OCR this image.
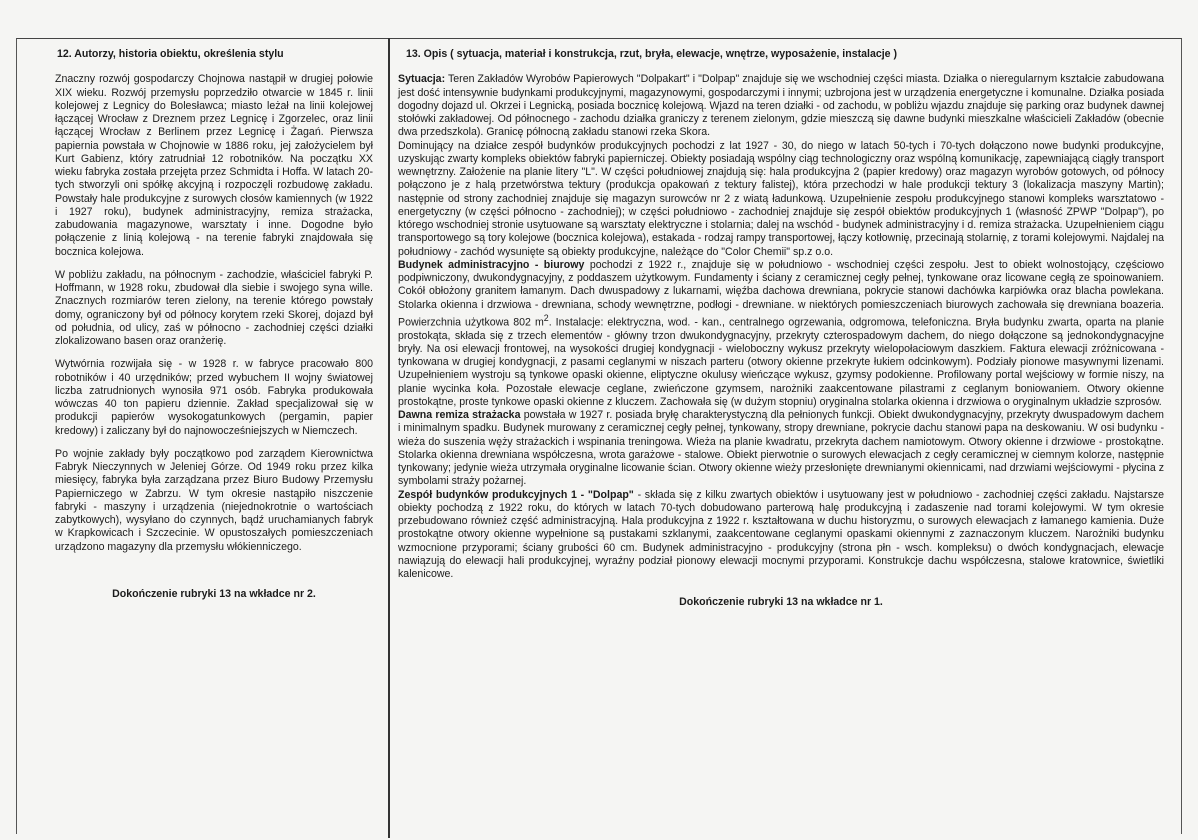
12. Autorzy, historia obiektu, określenia stylu
Znaczny rozwój gospodarczy Chojnowa nastąpił w drugiej połowie XIX wieku. Rozwój przemysłu poprzedziło otwarcie w 1845 r. linii kolejowej z Legnicy do Bolesławca; miasto leżał na linii kolejowej łączącej Wrocław z Dreznem przez Legnicę i Zgorzelec, oraz linii łączącej Wrocław z Berlinem przez Legnicę i Żagań. Pierwsza papiernia powstała w Chojnowie w 1886 roku, jej założycielem był Kurt Gabienz, który zatrudniał 12 robotników. Na początku XX wieku fabryka została przejęta przez Schmidta i Hoffa. W latach 20-tych stworzyli oni spółkę akcyjną i rozpoczęli rozbudowę zakładu. Powstały hale produkcyjne z surowych cłosów kamiennych (w 1922 i 1927 roku), budynek administracyjny, remiza strażacka, zabudowania magazynowe, warsztaty i inne. Dogodne było połączenie z linią kolejową - na terenie fabryki znajdowała się bocznica kolejowa.
W pobliżu zakładu, na północnym - zachodzie, właściciel fabryki P. Hoffmann, w 1928 roku, zbudował dla siebie i swojego syna wille. Znacznych rozmiarów teren zielony, na terenie którego powstały domy, ograniczony był od północy korytem rzeki Skorej, dojazd był od południa, od ulicy, zaś w północno - zachodniej części działki zlokalizowano basen oraz oranżerię.
Wytwórnia rozwijała się - w 1928 r. w fabryce pracowało 800 robotników i 40 urzędników; przed wybuchem II wojny światowej liczba zatrudnionych wynosiła 971 osób. Fabryka produkowała wówczas 40 ton papieru dziennie. Zakład specjalizował się w produkcji papierów wysokogatunkowych (pergamin, papier kredowy) i zaliczany był do najnowocześniejszych w Niemczech.
Po wojnie zakłady były początkowo pod zarządem Kierownictwa Fabryk Nieczynnych w Jeleniej Górze. Od 1949 roku przez kilka miesięcy, fabryka była zarządzana przez Biuro Budowy Przemysłu Papierniczego w Zabrzu. W tym okresie nastąpiło niszczenie fabryki - maszyny i urządzenia (niejednokrotnie o wartościach zabytkowych), wysyłano do czynnych, bądź uruchamianych fabryk w Krapkowicach i Szczecinie. W opustoszałych pomieszczeniach urządzono magazyny dla przemysłu włókienniczego.
Dokończenie rubryki 13 na wkładce nr 2.
13. Opis ( sytuacja, materiał i konstrukcja, rzut, bryła, elewacje, wnętrze, wyposażenie, instalacje )
Sytuacja: Teren Zakładów Wyrobów Papierowych "Dolpakart" i "Dolpap" znajduje się we wschodniej części miasta. Działka o nieregularnym kształcie zabudowana jest dość intensywnie budynkami produkcyjnymi, magazynowymi, gospodarczymi i innymi; uzbrojona jest w urządzenia energetyczne i komunalne. Działka posiada dogodny dojazd ul. Okrzei i Legnicką, posiada bocznicę kolejową. Wjazd na teren działki - od zachodu, w pobliżu wjazdu znajduje się parking oraz budynek dawnej stołówki zakładowej. Od północnego - zachodu działka graniczy z terenem zielonym, gdzie mieszczą się dawne budynki mieszkalne właścicieli Zakładów (obecnie dwa przedszkola). Granicę północną zakładu stanowi rzeka Skora.
Dominujący na działce zespół budynków produkcyjnych pochodzi z lat 1927 - 30, do niego w latach 50-tych i 70-tych dołączono nowe budynki produkcyjne, uzyskując zwarty kompleks obiektów fabryki papierniczej. Obiekty posiadają wspólny ciąg technologiczny oraz wspólną komunikację, zapewniającą ciągły transport wewnętrzny. Założenie na planie litery "L". W części południowej znajdują się: hala produkcyjna 2 (papier kredowy) oraz magazyn wyrobów gotowych, od północy połączono je z halą przetwórstwa tektury (produkcja opakowań z tektury falistej), która przechodzi w hale produkcji tektury 3 (lokalizacja maszyny Martin); następnie od strony zachodniej znajduje się magazyn surowców nr 2 z wiatą ładunkową. Uzupełnienie zespołu produkcyjnego stanowi kompleks warsztatowo - energetyczny (w części północno - zachodniej); w części południowo - zachodniej znajduje się zespół obiektów produkcyjnych 1 (własność ZPWP "Dolpap"), po którego wschodniej stronie usytuowane są warsztaty elektryczne i stolarnia; dalej na wschód - budynek administracyjny i d. remiza strażacka. Uzupełnieniem ciągu transportowego są tory kolejowe (bocznica kolejowa), estakada - rodzaj rampy transportowej, łączy kotłownię, przecinają stolarnię, z torami kolejowymi. Najdalej na południowy - zachód wysunięte są obiekty produkcyjne, należące do "Color Chemii" sp.z o.o.
Budynek administracyjno - biurowy pochodzi z 1922 r., znajduje się w południowo - wschodniej części zespołu. Jest to obiekt wolnostojący, częściowo podpiwniczony, dwukondygnacyjny, z poddaszem użytkowym. Fundamenty i ściany z ceramicznej cegły pełnej, tynkowane oraz licowane cegłą ze spoinowaniem. Cokół obłożony granitem łamanym. Dach dwuspadowy z lukarnami, więźba dachowa drewniana, pokrycie stanowi dachówka karpiówka oraz blacha powlekana. Stolarka okienna i drzwiowa - drewniana, schody wewnętrzne, podłogi - drewniane. w niektórych pomieszczeniach biurowych zachowała się drewniana boazeria. Powierzchnia użytkowa 802 $m^2$. Instalacje: elektryczna, wod. - kan., centralnego ogrzewania, odgromowa, telefoniczna. Bryła budynku zwarta, oparta na planie prostokąta, składa się z trzech elementów - główny trzon dwukondygnacyjny, przekryty czterospadowym dachem, do niego dołączone są jednokondygnacyjne bryły. Na osi elewacji frontowej, na wysokości drugiej kondygnacji - wieloboczny wykusz przekryty wielopołaciowym daszkiem. Faktura elewacji zróżnicowana - tynkowana w drugiej kondygnacji, z pasami ceglanymi w niszach parteru (otwory okienne przekryte łukiem odcinkowym). Podziały pionowe masywnymi lizenami. Uzupełnieniem wystroju są tynkowe opaski okienne, eliptyczne okulusy wieńczące wykusz, gzymsy podokienne. Profilowany portal wejściowy w formie niszy, na planie wycinka koła. Pozostałe elewacje ceglane, zwieńczone gzymsem, narożniki zaakcentowane pilastrami z ceglanym boniowaniem. Otwory okienne prostokątne, proste tynkowe opaski okienne z kluczem. Zachowała się (w dużym stopniu) oryginalna stolarka okienna i drzwiowa o oryginalnym układzie szprosów.
Dawna remiza strażacka powstała w 1927 r. posiada bryłę charakterystyczną dla pełnionych funkcji. Obiekt dwukondygnacyjny, przekryty dwuspadowym dachem i minimalnym spadku. Budynek murowany z ceramicznej cegły pełnej, tynkowany, stropy drewniane, pokrycie dachu stanowi papa na deskowaniu. W osi budynku - wieża do suszenia węży strażackich i wspinania treningowa. Wieża na planie kwadratu, przekryta dachem namiotowym. Otwory okienne i drzwiowe - prostokątne. Stolarka okienna drewniana współczesna, wrota garażowe - stalowe. Obiekt pierwotnie o surowych elewacjach z cegły ceramicznej w ciemnym kolorze, następnie tynkowany; jedynie wieża utrzymała oryginalne licowanie ścian. Otwory okienne wieży przesłonięte drewnianymi okiennicami, nad drzwiami wejściowymi - płycina z symbolami straży pożarnej.
Zespół budynków produkcyjnych 1 - "Dolpap" - składa się z kilku zwartych obiektów i usytuowany jest w południowo - zachodniej części zakładu. Najstarsze obiekty pochodzą z 1922 roku, do których w latach 70-tych dobudowano parterową halę produkcyjną i zadaszenie nad torami kolejowymi. W tym okresie przebudowano również część administracyjną. Hala produkcyjna z 1922 r. kształtowana w duchu historyzmu, o surowych elewacjach z łamanego kamienia. Duże prostokątne otwory okienne wypełnione są pustakami szklanymi, zaakcentowane ceglanymi opaskami okiennymi z zaznaczonym kluczem. Narożniki budynku wzmocnione przyporami; ściany grubości 60 cm. Budynek administracyjno - produkcyjny (strona płn - wsch. kompleksu) o dwóch kondygnacjach, elewacje nawiązują do elewacji hali produkcyjnej, wyraźny podział pionowy elewacji mocnymi przyporami. Konstrukcje dachu współczesna, stalowe kratownice, świetliki kalenicowe.
Dokończenie rubryki 13 na wkładce nr 1.
